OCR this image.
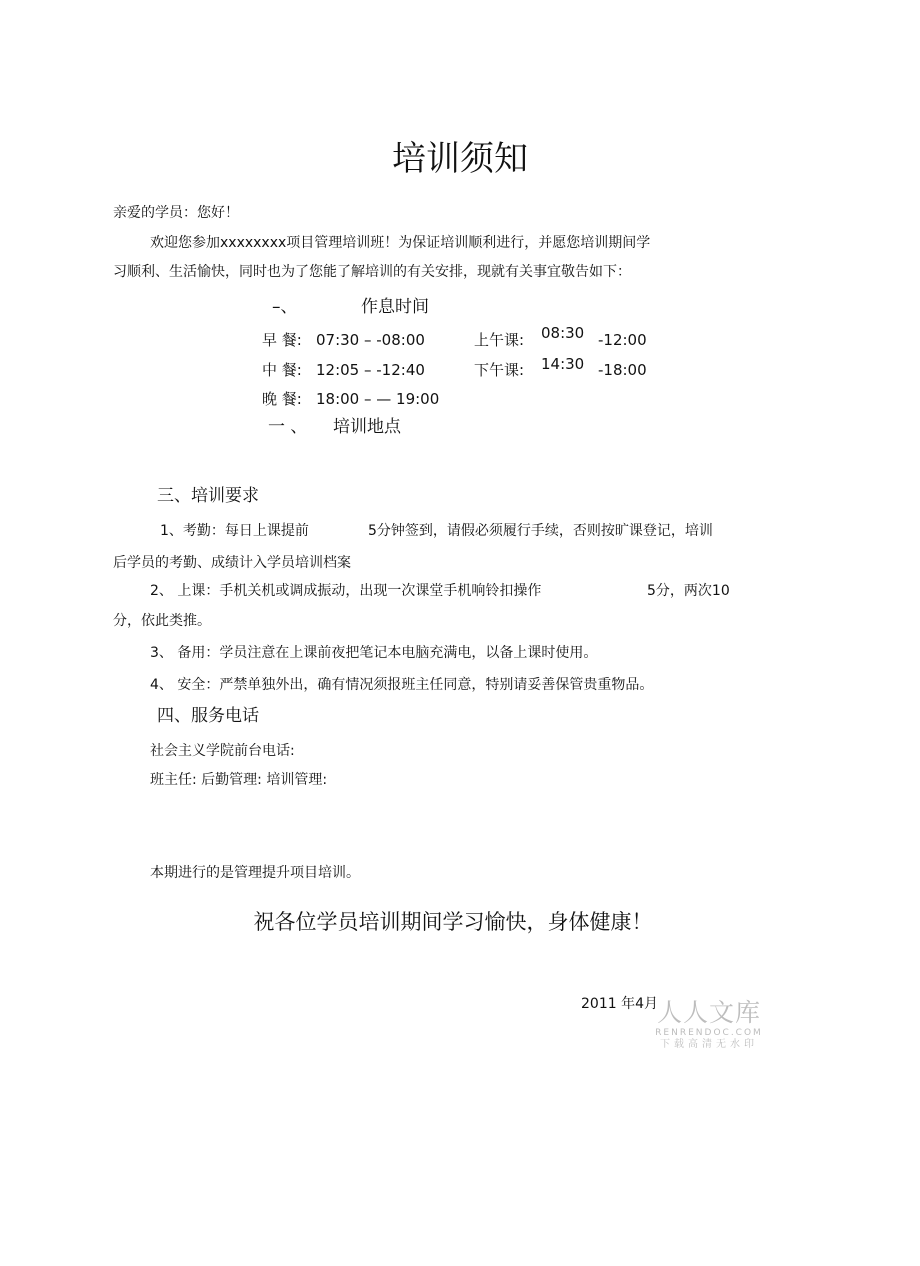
培训须知
亲爱的学员：您好！
欢迎您参加xxxxxxxx项目管理培训班！为保证培训顺利进行，并愿您培训期间学
习顺利、生活愉快，同时也为了您能了解培训的有关安排，现就有关事宜敬告如下：
–、	作息时间
早 餐: 07:30 – -08:00	上午课: 08:30 -12:00
中 餐: 12:05 – -12:40	下午课: 14:30 -18:00
晚 餐: 18:00 – — 19:00
一 、 培训地点
三、培训要求
1、考勤：每日上课提前	5分钟签到，请假必须履行手续，否则按旷课登记，培训
后学员的考勤、成绩计入学员培训档案
2、 上课：手机关机或调成振动，出现一次课堂手机响铃扣操作	5分，两次10
分，依此类推。
3、 备用：学员注意在上课前夜把笔记本电脑充满电，以备上课时使用。
4、 安全：严禁单独外出，确有情况须报班主任同意，特别请妥善保管贵重物品。
四、服务电话
社会主义学院前台电话:
班主任: 后勤管理: 培训管理:
本期进行的是管理提升项目培训。
祝各位学员培训期间学习愉快，身体健康！
2011 年4月
人人文库
RENRENDOC.COM
下载高清无水印
